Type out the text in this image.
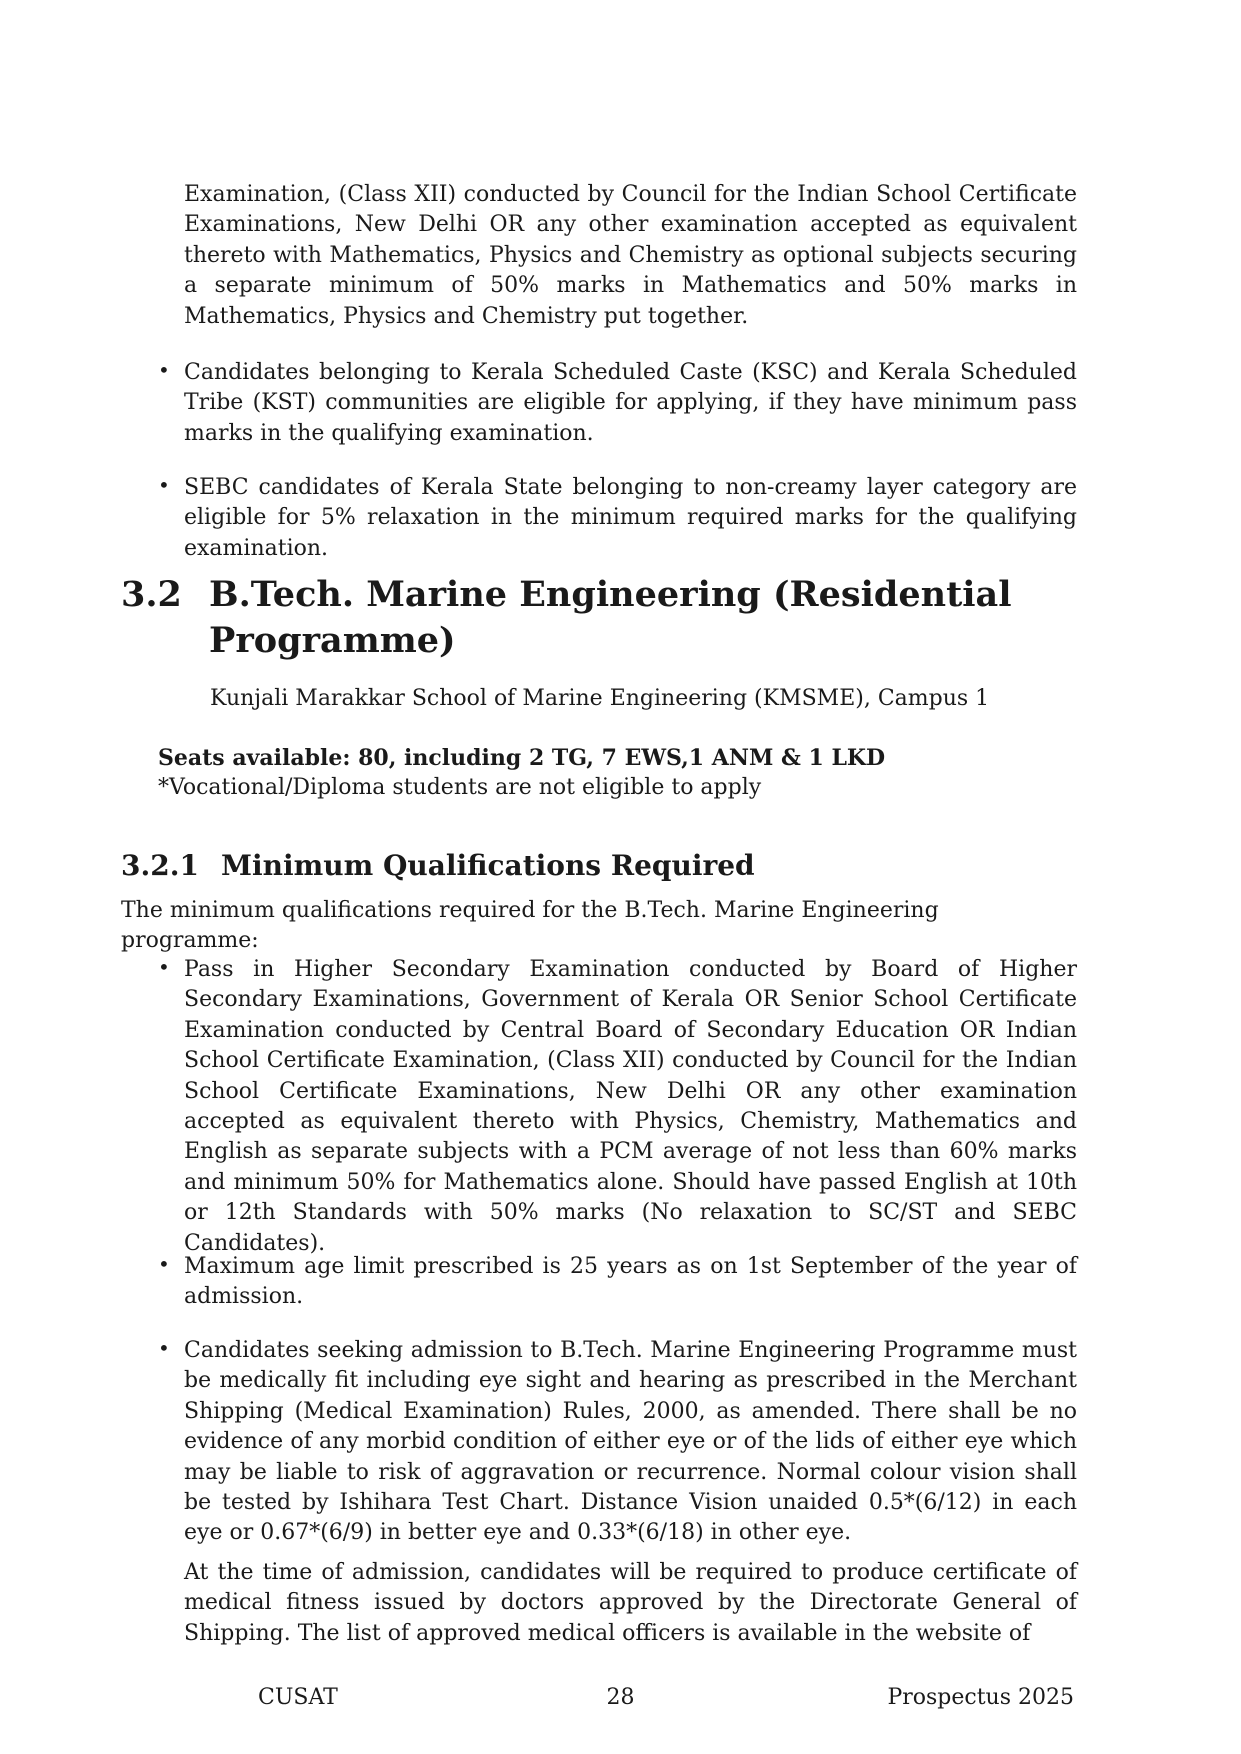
Examination, (Class XII) conducted by Council for the Indian School Certificate Examinations, New Delhi OR any other examination accepted as equivalent thereto with Mathematics, Physics and Chemistry as optional subjects securing a separate minimum of 50% marks in Mathematics and 50% marks in Mathematics, Physics and Chemistry put together.
• Candidates belonging to Kerala Scheduled Caste (KSC) and Kerala Scheduled Tribe (KST) communities are eligible for applying, if they have minimum pass marks in the qualifying examination.
• SEBC candidates of Kerala State belonging to non-creamy layer category are eligible for 5% relaxation in the minimum required marks for the qualifying examination.
3.2 B.Tech. Marine Engineering (Residential Programme)
Kunjali Marakkar School of Marine Engineering (KMSME), Campus 1
Seats available: 80, including 2 TG, 7 EWS,1 ANM & 1 LKD
*Vocational/Diploma students are not eligible to apply
3.2.1 Minimum Qualifications Required
The minimum qualifications required for the B.Tech. Marine Engineering programme:
• Pass in Higher Secondary Examination conducted by Board of Higher Secondary Examinations, Government of Kerala OR Senior School Certificate Examination conducted by Central Board of Secondary Education OR Indian School Certificate Examination, (Class XII) conducted by Council for the Indian School Certificate Examinations, New Delhi OR any other examination accepted as equivalent thereto with Physics, Chemistry, Mathematics and English as separate subjects with a PCM average of not less than 60% marks and minimum 50% for Mathematics alone. Should have passed English at 10th or 12th Standards with 50% marks (No relaxation to SC/ST and SEBC Candidates).
• Maximum age limit prescribed is 25 years as on 1st September of the year of admission.
• Candidates seeking admission to B.Tech. Marine Engineering Programme must be medically fit including eye sight and hearing as prescribed in the Merchant Shipping (Medical Examination) Rules, 2000, as amended. There shall be no evidence of any morbid condition of either eye or of the lids of either eye which may be liable to risk of aggravation or recurrence. Normal colour vision shall be tested by Ishihara Test Chart. Distance Vision unaided 0.5*(6/12) in each eye or 0.67*(6/9) in better eye and 0.33*(6/18) in other eye.
At the time of admission, candidates will be required to produce certificate of medical fitness issued by doctors approved by the Directorate General of Shipping. The list of approved medical officers is available in the website of
CUSAT	28	Prospectus 2025
